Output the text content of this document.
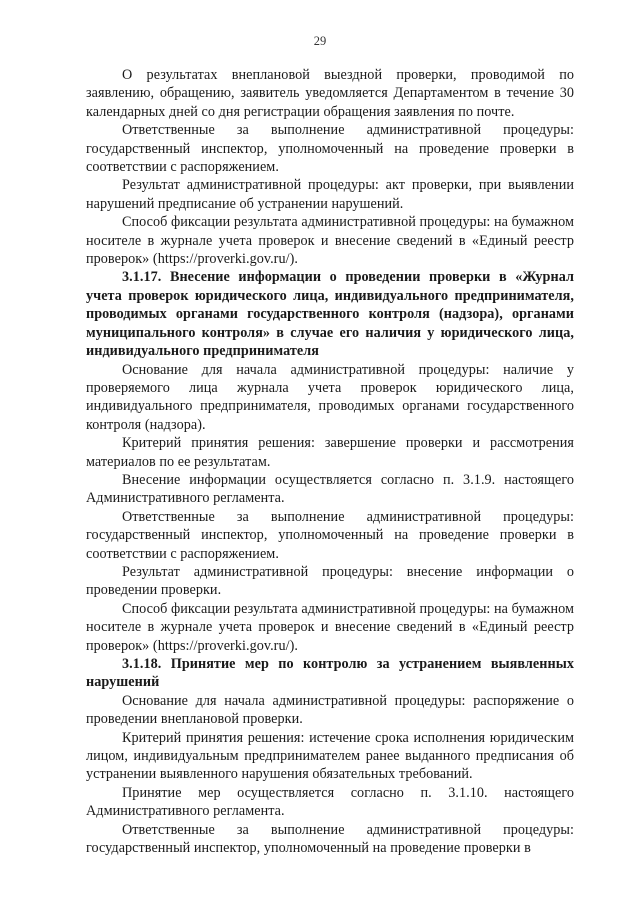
29

О результатах внеплановой выездной проверки, проводимой по заявлению, обращению, заявитель уведомляется Департаментом в течение 30 календарных дней со дня регистрации обращения заявления по почте.

Ответственные за выполнение административной процедуры: государственный инспектор, уполномоченный на проведение проверки в соответствии с распоряжением.

Результат административной процедуры: акт проверки, при выявлении нарушений предписание об устранении нарушений.

Способ фиксации результата административной процедуры: на бумажном носителе в журнале учета проверок и внесение сведений в «Единый реестр проверок» (https://proverki.gov.ru/).

3.1.17. Внесение информации о проведении проверки в «Журнал учета проверок юридического лица, индивидуального предпринимателя, проводимых органами государственного контроля (надзора), органами муниципального контроля» в случае его наличия у юридического лица, индивидуального предпринимателя

Основание для начала административной процедуры: наличие у проверяемого лица журнала учета проверок юридического лица, индивидуального предпринимателя, проводимых органами государственного контроля (надзора).

Критерий принятия решения: завершение проверки и рассмотрения материалов по ее результатам.

Внесение информации осуществляется согласно п. 3.1.9. настоящего Административного регламента.

Ответственные за выполнение административной процедуры: государственный инспектор, уполномоченный на проведение проверки в соответствии с распоряжением.

Результат административной процедуры: внесение информации о проведении проверки.

Способ фиксации результата административной процедуры: на бумажном носителе в журнале учета проверок и внесение сведений в «Единый реестр проверок» (https://proverki.gov.ru/).

3.1.18. Принятие мер по контролю за устранением выявленных нарушений

Основание для начала административной процедуры: распоряжение о проведении внеплановой проверки.

Критерий принятия решения: истечение срока исполнения юридическим лицом, индивидуальным предпринимателем ранее выданного предписания об устранении выявленного нарушения обязательных требований.

Принятие мер осуществляется согласно п. 3.1.10. настоящего Административного регламента.

Ответственные за выполнение административной процедуры: государственный инспектор, уполномоченный на проведение проверки в
